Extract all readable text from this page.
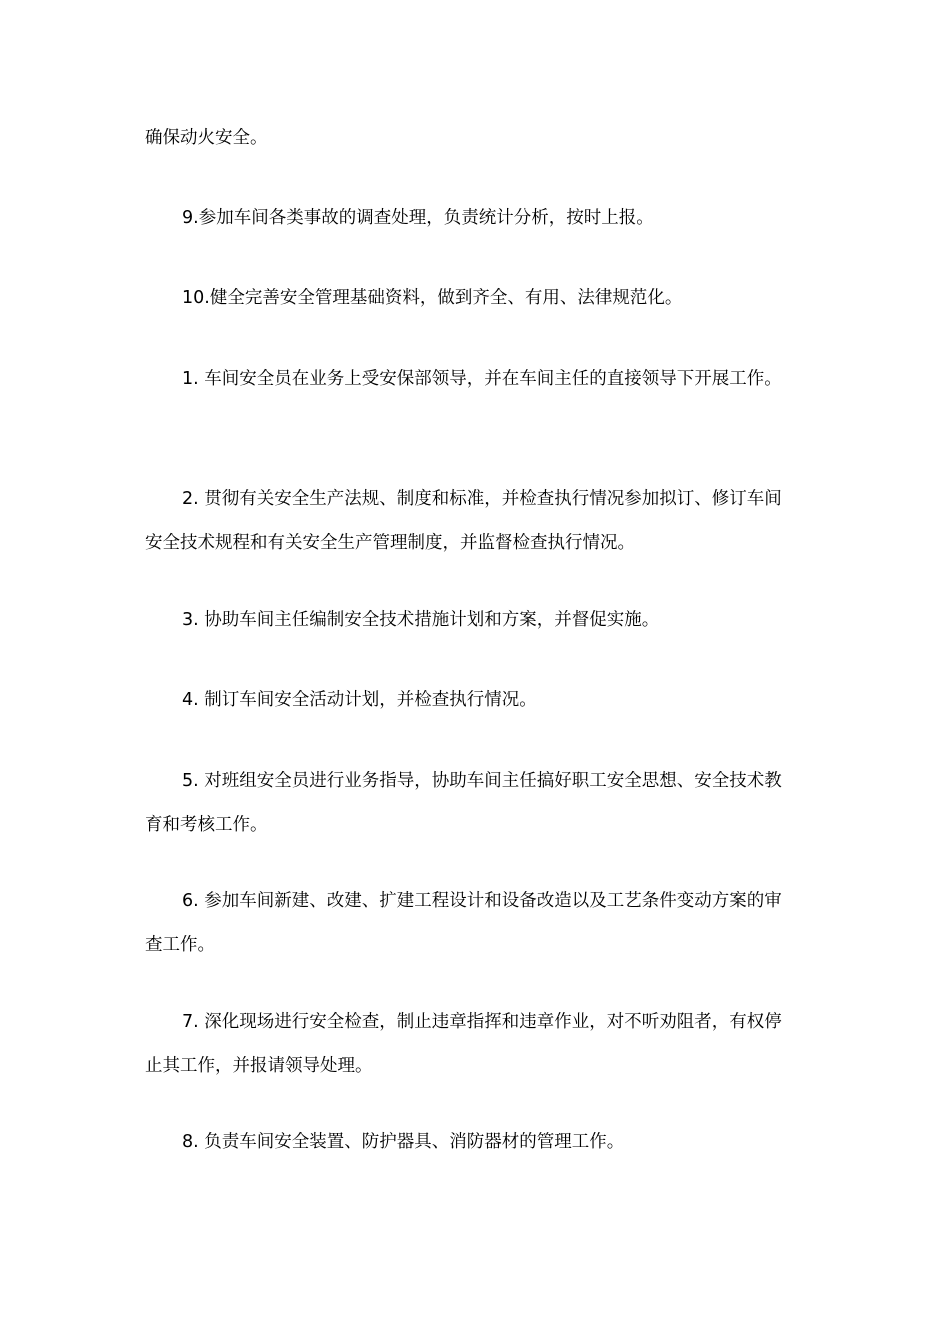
确保动火安全。

9.参加车间各类事故的调查处理，负责统计分析，按时上报。

10.健全完善安全管理基础资料，做到齐全、有用、法律规范化。

1. 车间安全员在业务上受安保部领导，并在车间主任的直接领导下开展工作。

2. 贯彻有关安全生产法规、制度和标准，并检查执行情况参加拟订、修订车间安全技术规程和有关安全生产管理制度，并监督检查执行情况。

3. 协助车间主任编制安全技术措施计划和方案，并督促实施。

4. 制订车间安全活动计划，并检查执行情况。

5. 对班组安全员进行业务指导，协助车间主任搞好职工安全思想、安全技术教育和考核工作。

6. 参加车间新建、改建、扩建工程设计和设备改造以及工艺条件变动方案的审查工作。

7. 深化现场进行安全检查，制止违章指挥和违章作业，对不听劝阻者，有权停止其工作，并报请领导处理。

8. 负责车间安全装置、防护器具、消防器材的管理工作。
